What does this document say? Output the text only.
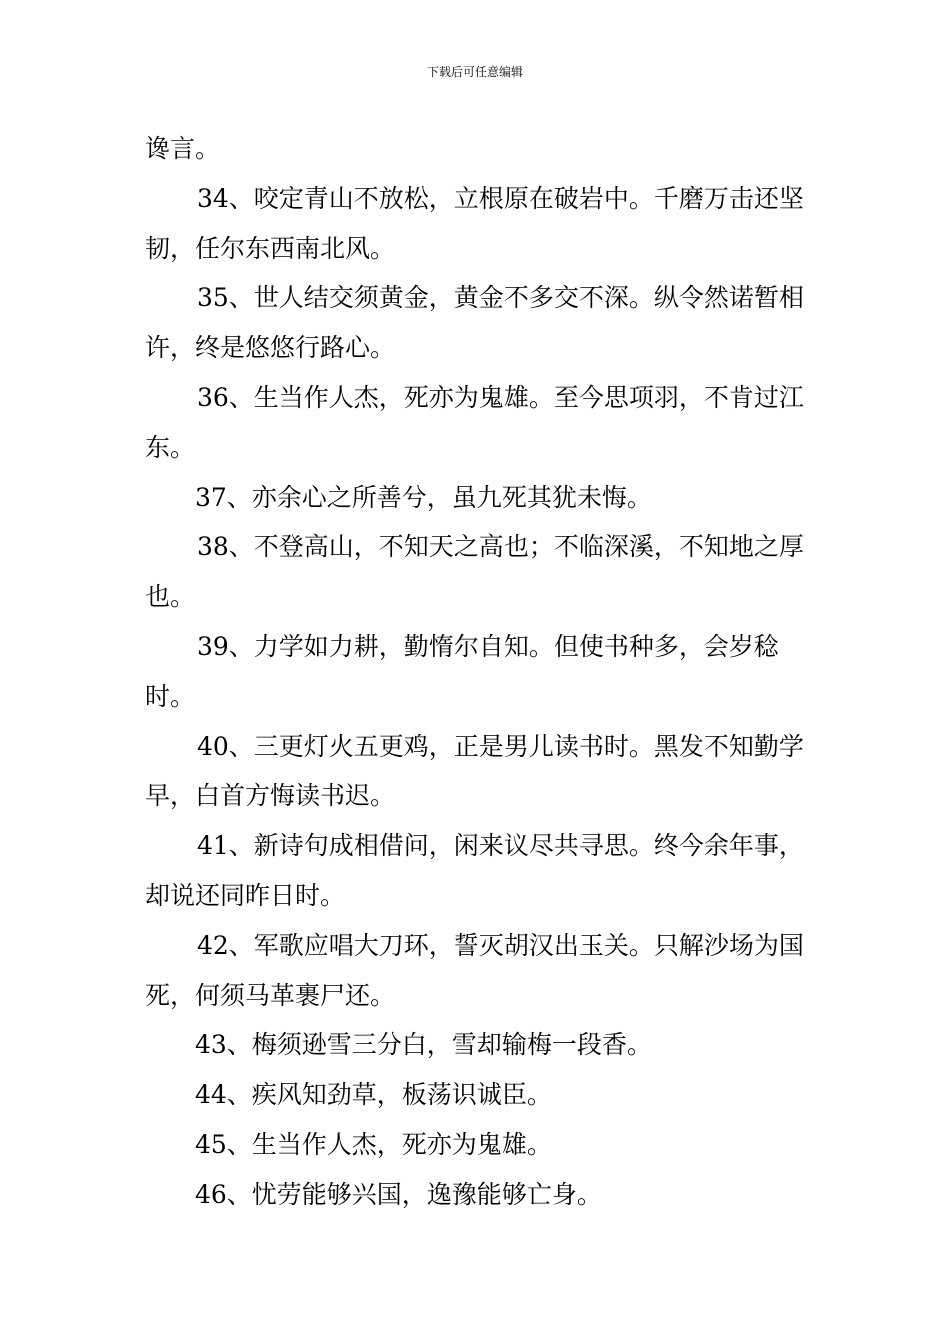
下载后可任意编辑

谗言。

34、咬定青山不放松，立根原在破岩中。千磨万击还坚韧，任尔东西南北风。

35、世人结交须黄金，黄金不多交不深。纵令然诺暂相许，终是悠悠行路心。

36、生当作人杰，死亦为鬼雄。至今思项羽，不肯过江东。

37、亦余心之所善兮，虽九死其犹未悔。

38、不登高山，不知天之高也；不临深溪，不知地之厚也。

39、力学如力耕，勤惰尔自知。但使书种多，会岁稔时。

40、三更灯火五更鸡，正是男儿读书时。黑发不知勤学早，白首方悔读书迟。

41、新诗句成相借问，闲来议尽共寻思。终今余年事，却说还同昨日时。

42、军歌应唱大刀环，誓灭胡汉出玉关。只解沙场为国死，何须马革裹尸还。

43、梅须逊雪三分白，雪却输梅一段香。

44、疾风知劲草，板荡识诚臣。

45、生当作人杰，死亦为鬼雄。

46、忧劳能够兴国，逸豫能够亡身。
